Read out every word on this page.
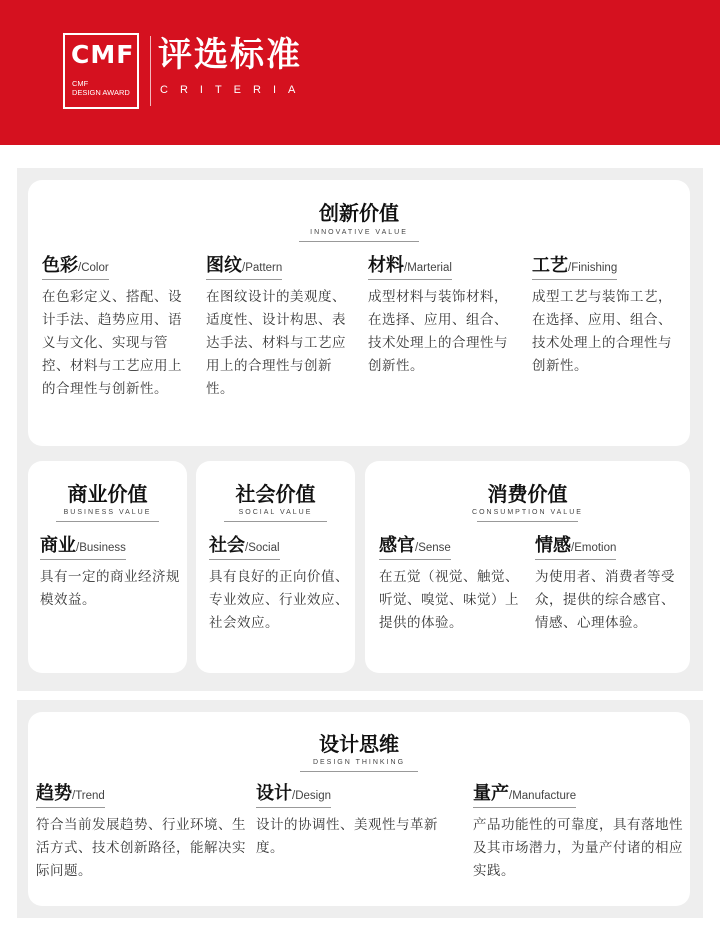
CMF
CMF
DESIGN AWARD
评选标准
CRITERIA
创新价值
INNOVATIVE VALUE
色彩/Color
在色彩定义、搭配、设计手法、趋势应用、语义与文化、实现与管控、材料与工艺应用上的合理性与创新性。
图纹/Pattern
在图纹设计的美观度、适度性、设计构思、表达手法、材料与工艺应用上的合理性与创新性。
材料/Marterial
成型材料与装饰材料，在选择、应用、组合、技术处理上的合理性与创新性。
工艺/Finishing
成型工艺与装饰工艺，在选择、应用、组合、技术处理上的合理性与创新性。
商业价值
BUSINESS VALUE
商业/Business
具有一定的商业经济规模效益。
社会价值
SOCIAL VALUE
社会/Social
具有良好的正向价值、专业效应、行业效应、社会效应。
消费价值
CONSUMPTION VALUE
感官/Sense
在五觉（视觉、触觉、听觉、嗅觉、味觉）上提供的体验。
情感/Emotion
为使用者、消费者等受众，提供的综合感官、情感、心理体验。
设计思维
DESIGN THINKING
趋势/Trend
符合当前发展趋势、行业环境、生活方式、技术创新路径，能解决实际问题。
设计/Design
设计的协调性、美观性与革新度。
量产/Manufacture
产品功能性的可靠度，具有落地性及其市场潜力，为量产付诸的相应实践。
